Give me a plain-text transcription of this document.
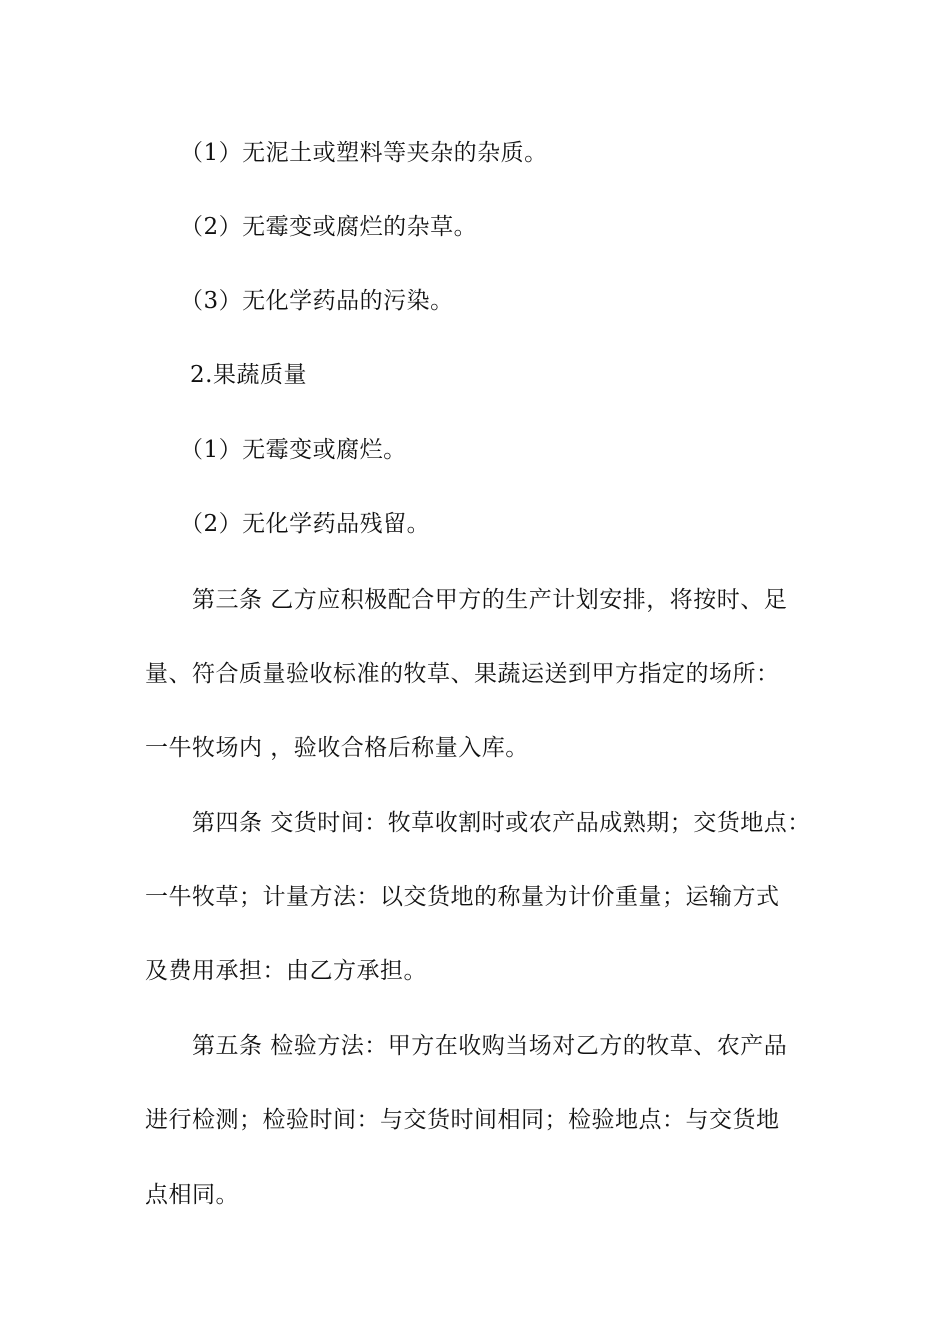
（1）无泥土或塑料等夹杂的杂质。
（2）无霉变或腐烂的杂草。
（3）无化学药品的污染。
2.果蔬质量
（1）无霉变或腐烂。
（2）无化学药品残留。
第三条 乙方应积极配合甲方的生产计划安排，将按时、足
量、符合质量验收标准的牧草、果蔬运送到甲方指定的场所：
一牛牧场内 ，验收合格后称量入库。
第四条 交货时间：牧草收割时或农产品成熟期；交货地点：
一牛牧草；计量方法：以交货地的称量为计价重量；运输方式
及费用承担：由乙方承担。
第五条 检验方法：甲方在收购当场对乙方的牧草、农产品
进行检测；检验时间：与交货时间相同；检验地点：与交货地
点相同。
